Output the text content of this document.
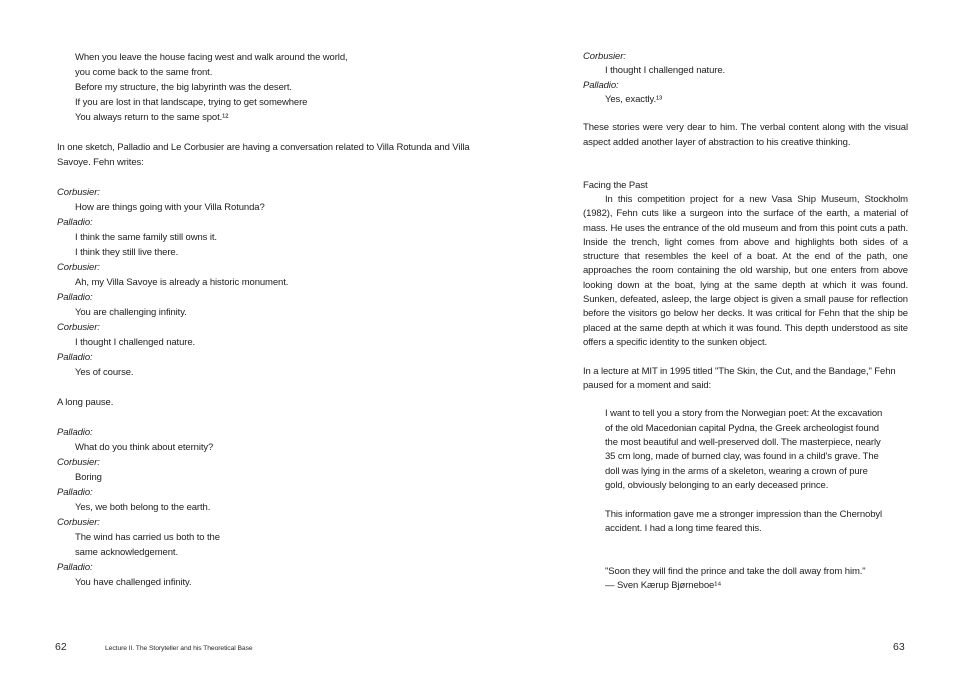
When you leave the house facing west and walk around the world,
you come back to the same front.
Before my structure, the big labyrinth was the desert.
If you are lost in that landscape, trying to get somewhere
You always return to the same spot.¹²
In one sketch, Palladio and Le Corbusier are having a conversation related to Villa Rotunda and Villa Savoye. Fehn writes:
Corbusier:
How are things going with your Villa Rotunda?
Palladio:
I think the same family still owns it.
I think they still live there.
Corbusier:
Ah, my Villa Savoye is already a historic monument.
Palladio:
You are challenging infinity.
Corbusier:
I thought I challenged nature.
Palladio:
Yes of course.
A long pause.
Palladio:
What do you think about eternity?
Corbusier:
Boring
Palladio:
Yes, we both belong to the earth.
Corbusier:
The wind has carried us both to the
same acknowledgement.
Palladio:
You have challenged infinity.
Corbusier:
I thought I challenged nature.
Palladio:
Yes, exactly.¹³
These stories were very dear to him. The verbal content along with the visual aspect added another layer of abstraction to his creative thinking.
Facing the Past
In this competition project for a new Vasa Ship Museum, Stockholm (1982), Fehn cuts like a surgeon into the surface of the earth, a material of mass. He uses the entrance of the old museum and from this point cuts a path. Inside the trench, light comes from above and highlights both sides of a structure that resembles the keel of a boat. At the end of the path, one approaches the room containing the old warship, but one enters from above looking down at the boat, lying at the same depth at which it was found. Sunken, defeated, asleep, the large object is given a small pause for reflection before the visitors go below her decks. It was critical for Fehn that the ship be placed at the same depth at which it was found. This depth understood as site offers a specific identity to the sunken object.
In a lecture at MIT in 1995 titled "The Skin, the Cut, and the Bandage," Fehn paused for a moment and said:
I want to tell you a story from the Norwegian poet: At the excavation
of the old Macedonian capital Pydna, the Greek archeologist found
the most beautiful and well-preserved doll. The masterpiece, nearly
35 cm long, made of burned clay, was found in a child's grave. The
doll was lying in the arms of a skeleton, wearing a crown of pure
gold, obviously belonging to an early deceased prince.
This information gave me a stronger impression than the Chernobyl
accident. I had a long time feared this.

"Soon they will find the prince and take the doll away from him."
— Sven Kærup Bjørneboe¹⁴
62	Lecture II. The Storyteller and his Theoretical Base	63
